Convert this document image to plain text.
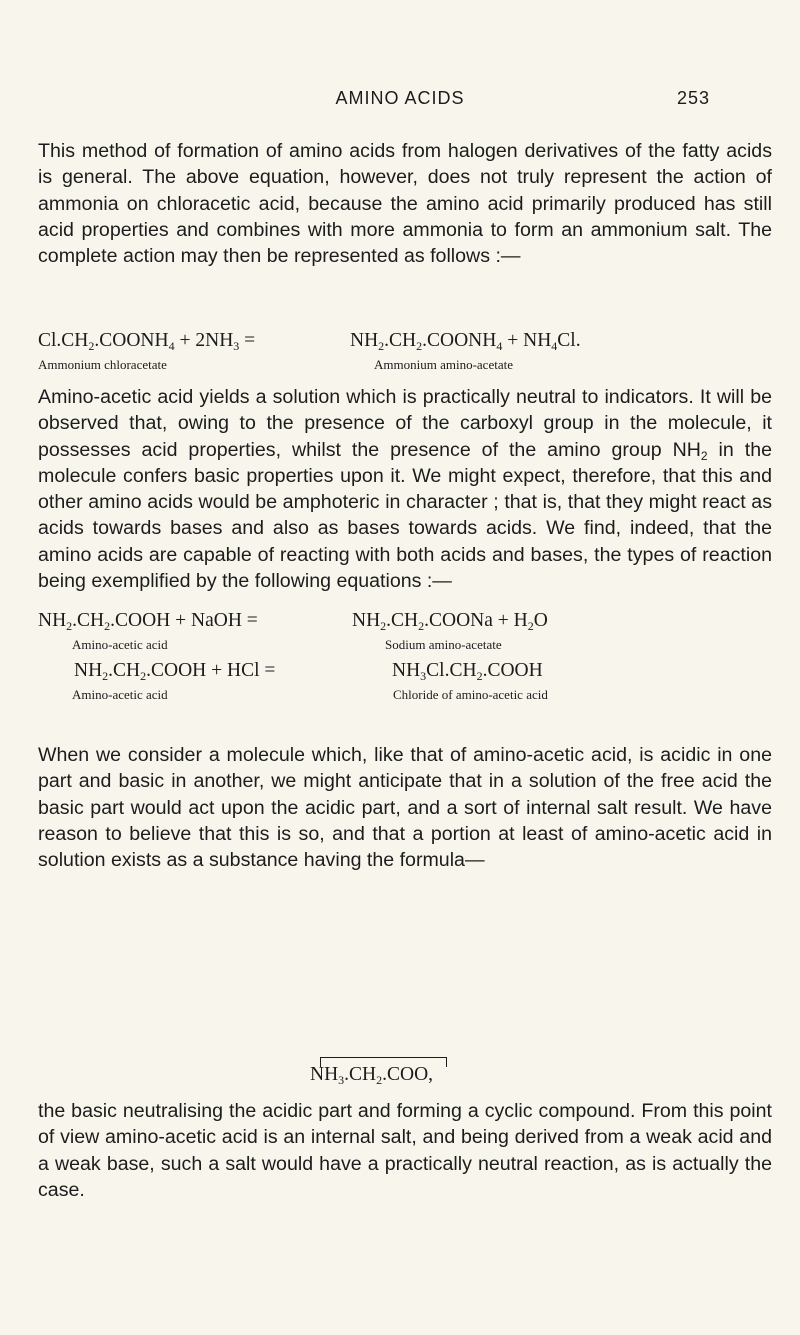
AMINO ACIDS	253

This method of formation of amino acids from halogen derivatives of the fatty acids is general. The above equation, however, does not truly represent the action of ammonia on chloracetic acid, because the amino acid primarily produced has still acid properties and combines with more ammonia to form an ammonium salt. The complete action may then be represented as follows :—

$Cl.CH_2.COONH_4 + 2NH_3$ =	$NH_2.CH_2.COONH_4 + NH_4Cl$.
Ammonium chloracetate	Ammonium amino-acetate

Amino-acetic acid yields a solution which is practically neutral to indicators. It will be observed that, owing to the presence of the carboxyl group in the molecule, it possesses acid properties, whilst the presence of the amino group $NH_2$ in the molecule confers basic properties upon it. We might expect, therefore, that this and other amino acids would be amphoteric in character ; that is, that they might react as acids towards bases and also as bases towards acids. We find, indeed, that the amino acids are capable of reacting with both acids and bases, the types of reaction being exemplified by the following equations :—

$NH_2.CH_2.COOH$ + NaOH =	$NH_2.CH_2.COONa + H_2O$
Amino-acetic acid	Sodium amino-acetate
$NH_2.CH_2.COOH$ + HCl =	$NH_3Cl.CH_2.COOH$
Amino-acetic acid	Chloride of amino-acetic acid

When we consider a molecule which, like that of amino-acetic acid, is acidic in one part and basic in another, we might anticipate that in a solution of the free acid the basic part would act upon the acidic part, and a sort of internal salt result. We have reason to believe that this is so, and that a portion at least of amino-acetic acid in solution exists as a substance having the formula—

$NH_3.CH_2.COO$,

the basic neutralising the acidic part and forming a cyclic compound. From this point of view amino-acetic acid is an internal salt, and being derived from a weak acid and a weak base, such a salt would have a practically neutral reaction, as is actually the case.
